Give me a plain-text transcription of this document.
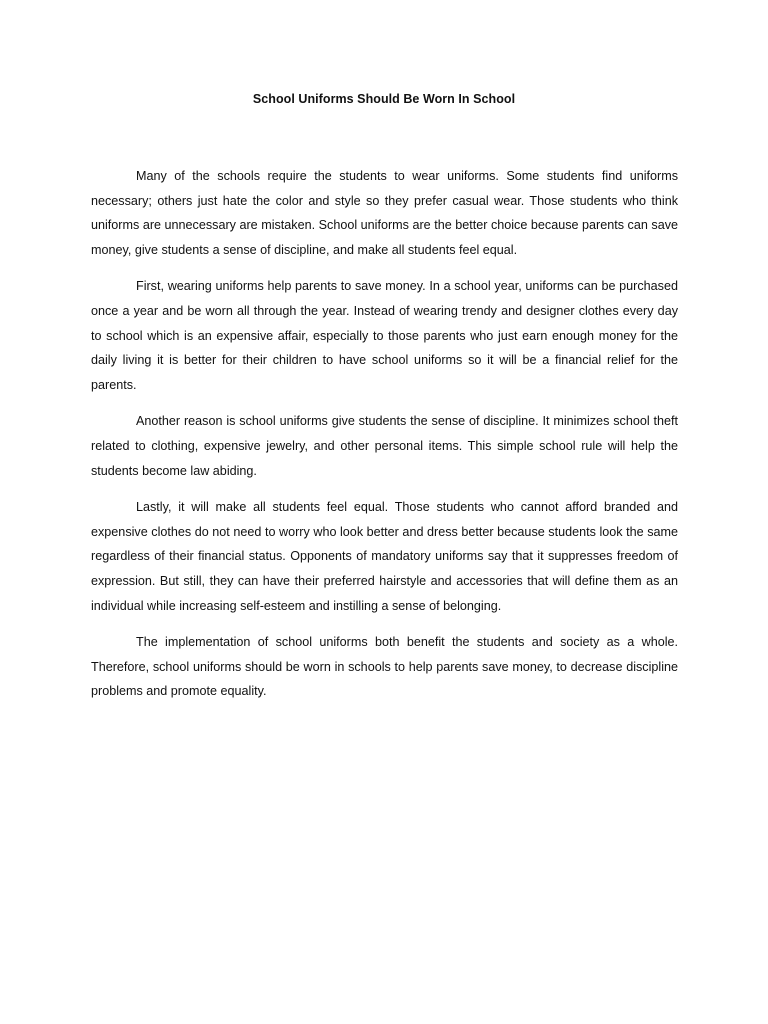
School Uniforms Should Be Worn In School

Many of the schools require the students to wear uniforms. Some students find uniforms necessary; others just hate the color and style so they prefer casual wear. Those students who think uniforms are unnecessary are mistaken. School uniforms are the better choice because parents can save money, give students a sense of discipline, and make all students feel equal.

First, wearing uniforms help parents to save money. In a school year, uniforms can be purchased once a year and be worn all through the year. Instead of wearing trendy and designer clothes every day to school which is an expensive affair, especially to those parents who just earn enough money for the daily living it is better for their children to have school uniforms so it will be a financial relief for the parents.

Another reason is school uniforms give students the sense of discipline. It minimizes school theft related to clothing, expensive jewelry, and other personal items. This simple school rule will help the students become law abiding.

Lastly, it will make all students feel equal. Those students who cannot afford branded and expensive clothes do not need to worry who look better and dress better because students look the same regardless of their financial status. Opponents of mandatory uniforms say that it suppresses freedom of expression. But still, they can have their preferred hairstyle and accessories that will define them as an individual while increasing self-esteem and instilling a sense of belonging.

The implementation of school uniforms both benefit the students and society as a whole. Therefore, school uniforms should be worn in schools to help parents save money, to decrease discipline problems and promote equality.
